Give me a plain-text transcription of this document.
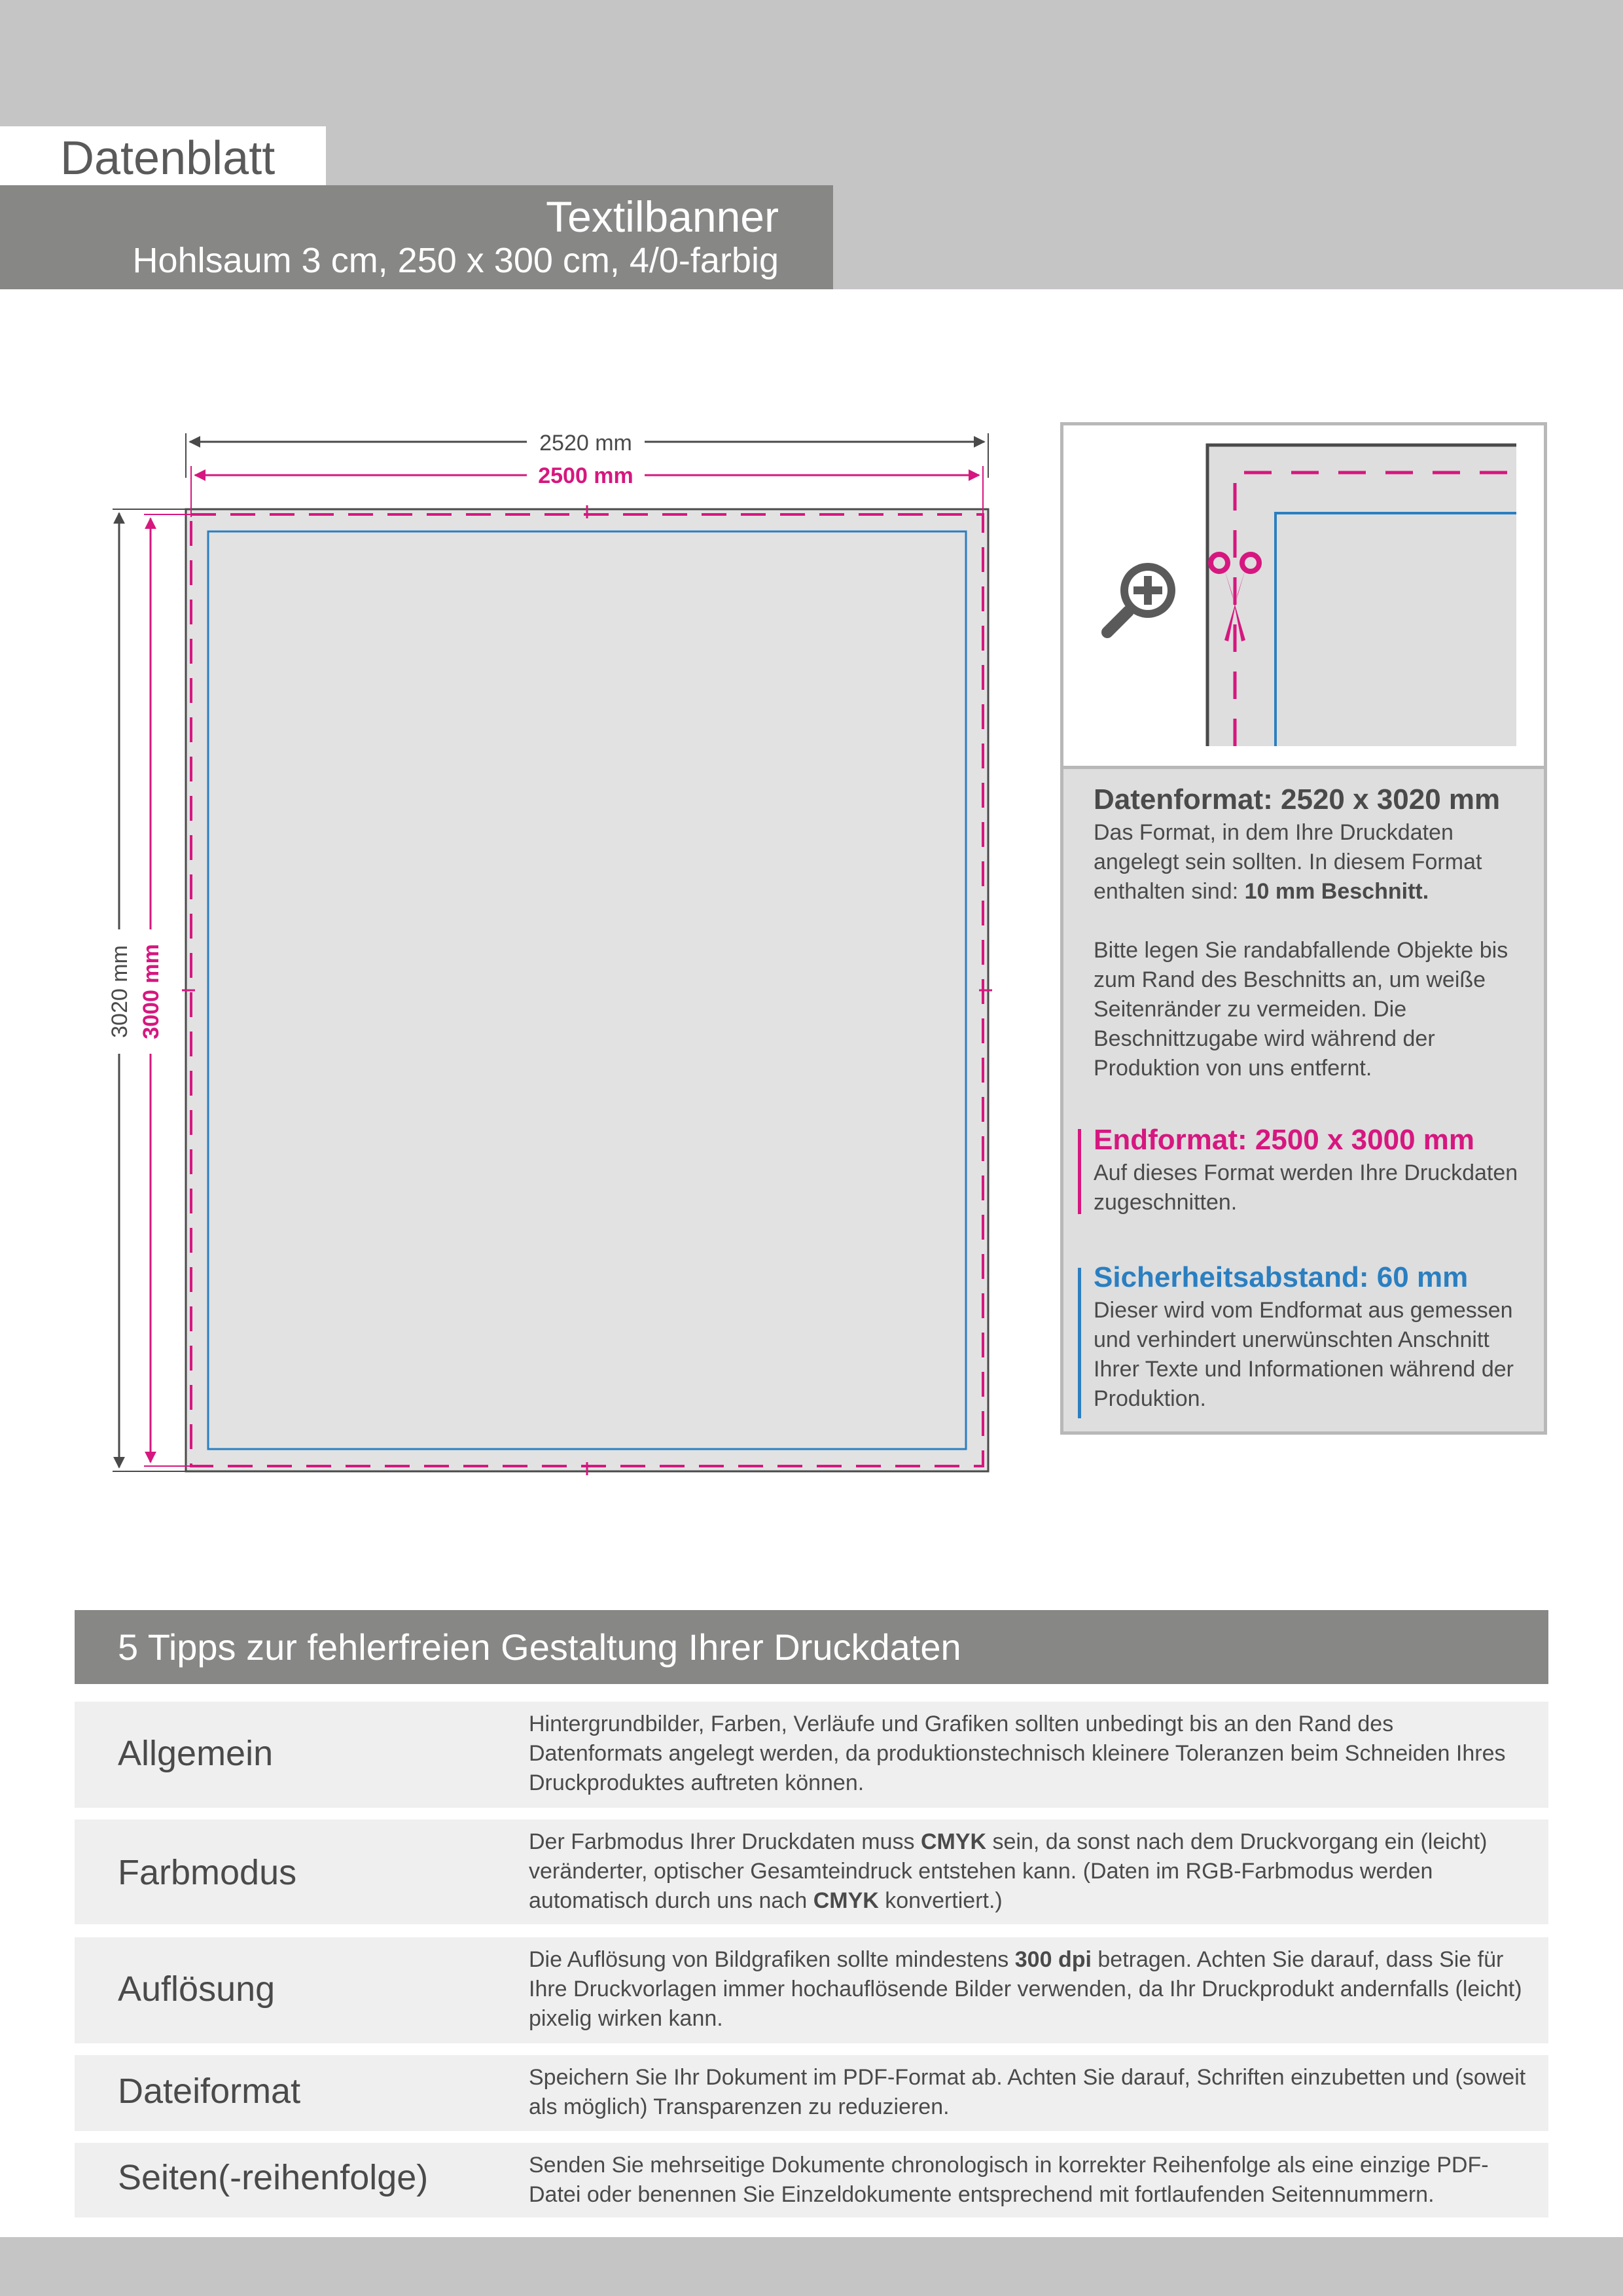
Datenblatt
Textilbanner
Hohlsaum 3 cm, 250 x 300 cm, 4/0-farbig
2520 mm
2500 mm
3020 mm 3000 mm
Datenformat: 2520 x 3020 mm
Das Format, in dem Ihre Druckdaten angelegt sein sollten. In diesem Format enthalten sind: 10 mm Beschnitt.
Bitte legen Sie randabfallende Objekte bis zum Rand des Beschnitts an, um weiße Seitenränder zu vermeiden. Die Beschnittzugabe wird während der Produktion von uns entfernt.
Endformat: 2500 x 3000 mm
Auf dieses Format werden Ihre Druckdaten zugeschnitten.
Sicherheitsabstand: 60 mm
Dieser wird vom Endformat aus gemessen und verhindert unerwünschten Anschnitt Ihrer Texte und Informationen während der Produktion.
5 Tipps zur fehlerfreien Gestaltung Ihrer Druckdaten
Allgemein
Hintergrundbilder, Farben, Verläufe und Grafiken sollten unbedingt bis an den Rand des Datenformats angelegt werden, da produktionstechnisch kleinere Toleranzen beim Schneiden Ihres Druckproduktes auftreten können.
Farbmodus
Der Farbmodus Ihrer Druckdaten muss CMYK sein, da sonst nach dem Druckvorgang ein (leicht) veränderter, optischer Gesamteindruck entstehen kann. (Daten im RGB-Farbmodus werden automatisch durch uns nach CMYK konvertiert.)
Auflösung
Die Auflösung von Bildgrafiken sollte mindestens 300 dpi betragen. Achten Sie darauf, dass Sie für Ihre Druckvorlagen immer hochauflösende Bilder verwenden, da Ihr Druckprodukt andernfalls (leicht) pixelig wirken kann.
Dateiformat	Speichern Sie Ihr Dokument im PDF-Format ab. Achten Sie darauf, Schriften einzubetten und (soweit als möglich) Transparenzen zu reduzieren.
Seiten(-reihenfolge)	Senden Sie mehrseitige Dokumente chronologisch in korrekter Reihenfolge als eine einzige PDF-Datei oder benennen Sie Einzeldokumente entsprechend mit fortlaufenden Seitennummern.
